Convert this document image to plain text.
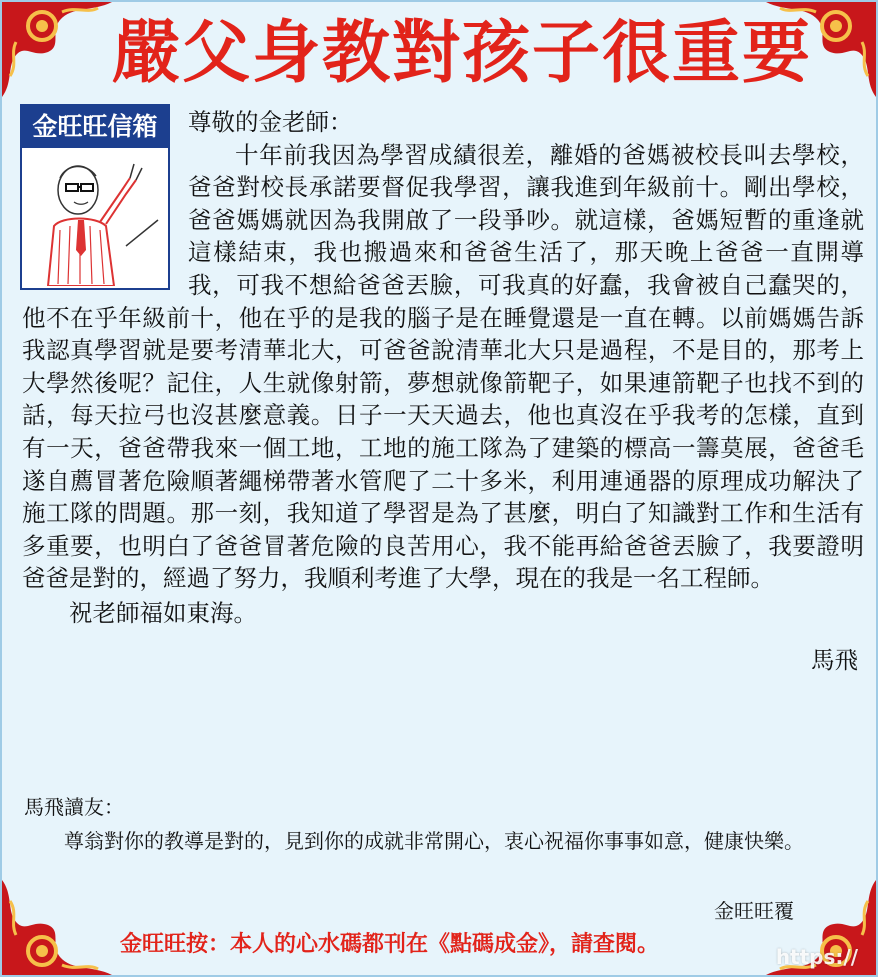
嚴父身教對孩子很重要
金旺旺信箱	尊敬的金老師：

十年前我因為學習成績很差，離婚的爸媽被校長叫去學校，爸爸對校長承諾要督促我學習，讓我進到年級前十。剛出學校，爸爸媽媽就因為我開啟了一段爭吵。就這樣，爸媽短暫的重逢就這樣結束，我也搬過來和爸爸生活了，那天晚上爸爸一直開導我，可我不想給爸爸丟臉，可我真的好蠢，我會被自己蠢哭的，他不在乎年級前十，他在乎的是我的腦子是在睡覺還是一直在轉。以前媽媽告訴我認真學習就是要考清華北大，可爸爸說清華北大只是過程，不是目的，那考上大學然後呢？記住，人生就像射箭，夢想就像箭靶子，如果連箭靶子也找不到的話，每天拉弓也沒甚麼意義。日子一天天過去，他也真沒在乎我考的怎樣，直到有一天，爸爸帶我來一個工地，工地的施工隊為了建築的標高一籌莫展，爸爸毛遂自薦冒著危險順著繩梯帶著水管爬了二十多米，利用連通器的原理成功解決了施工隊的問題。那一刻，我知道了學習是為了甚麼，明白了知識對工作和生活有多重要，也明白了爸爸冒著危險的良苦用心，我不能再給爸爸丟臉了，我要證明爸爸是對的，經過了努力，我順利考進了大學，現在的我是一名工程師。

祝老師福如東海。

馬飛

馬飛讀友：

尊翁對你的教導是對的，見到你的成就非常開心，衷心祝福你事事如意，健康快樂。

金旺旺覆
金旺旺按：本人的心水碼都刊在《點碼成金》，請查閱。	https://
